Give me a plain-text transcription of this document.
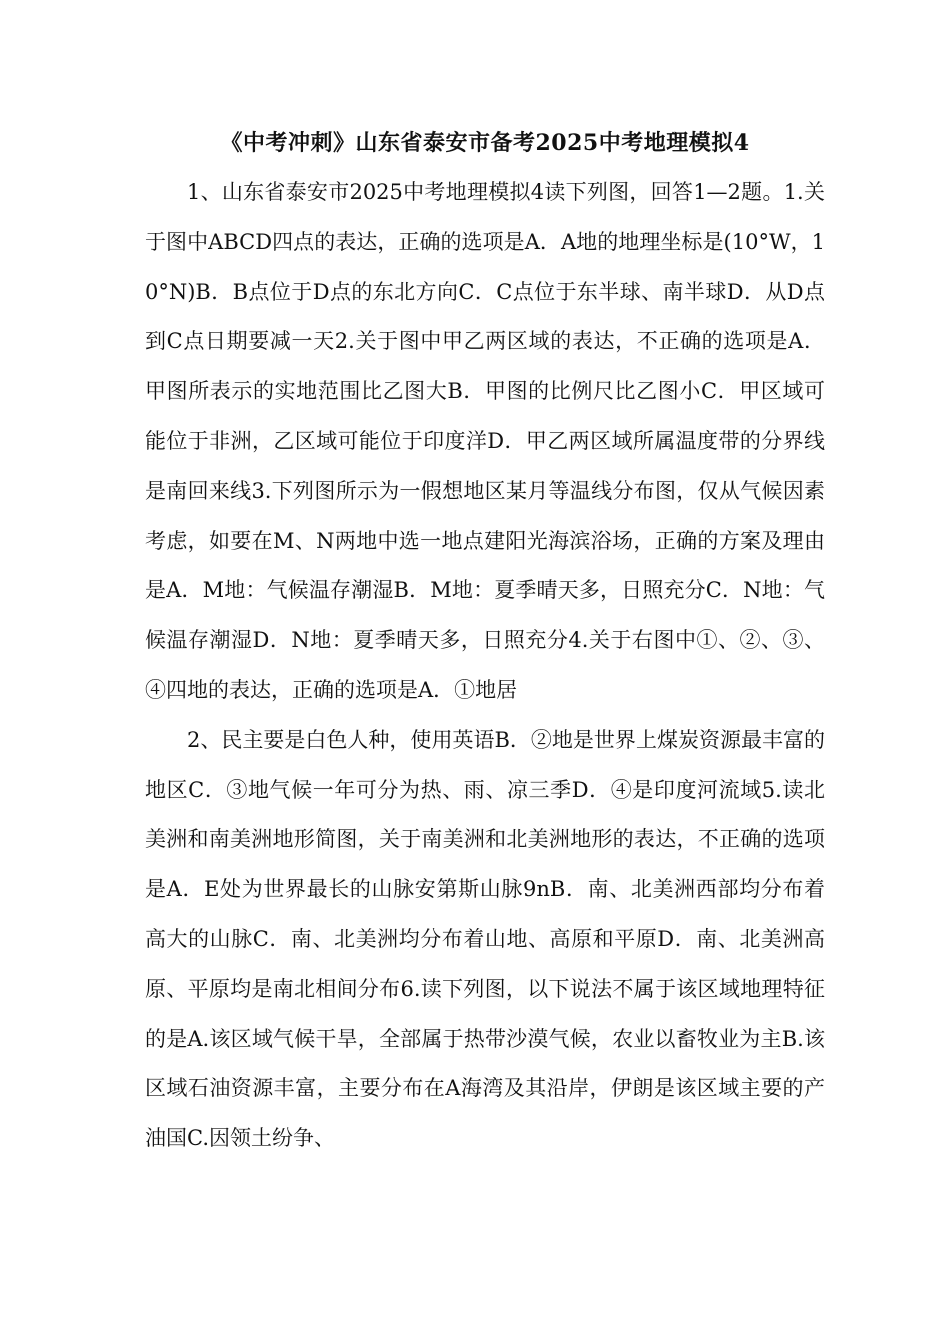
《中考冲刺》山东省泰安市备考2025中考地理模拟4

1、山东省泰安市2025中考地理模拟4读下列图，回答1—2题。1.关于图中ABCD四点的表达，正确的选项是A．A地的地理坐标是(10°W，10°N)B．B点位于D点的东北方向C．C点位于东半球、南半球D．从D点到C点日期要减一天2.关于图中甲乙两区域的表达，不正确的选项是A．甲图所表示的实地范围比乙图大B．甲图的比例尺比乙图小C．甲区域可能位于非洲，乙区域可能位于印度洋D．甲乙两区域所属温度带的分界线是南回来线3.下列图所示为一假想地区某月等温线分布图，仅从气候因素考虑，如要在M、N两地中选一地点建阳光海滨浴场，正确的方案及理由是A．M地：气候温存潮湿B．M地：夏季晴天多，日照充分C．N地：气候温存潮湿D．N地：夏季晴天多，日照充分4.关于右图中①、②、③、④四地的表达，正确的选项是A．①地居

2、民主要是白色人种，使用英语B．②地是世界上煤炭资源最丰富的地区C．③地气候一年可分为热、雨、凉三季D．④是印度河流域5.读北美洲和南美洲地形简图，关于南美洲和北美洲地形的表达，不正确的选项是A．E处为世界最长的山脉安第斯山脉9nB．南、北美洲西部均分布着高大的山脉C．南、北美洲均分布着山地、高原和平原D．南、北美洲高原、平原均是南北相间分布6.读下列图，以下说法不属于该区域地理特征的是A.该区域气候干旱，全部属于热带沙漠气候，农业以畜牧业为主B.该区域石油资源丰富，主要分布在A海湾及其沿岸，伊朗是该区域主要的产油国C.因领土纷争、
